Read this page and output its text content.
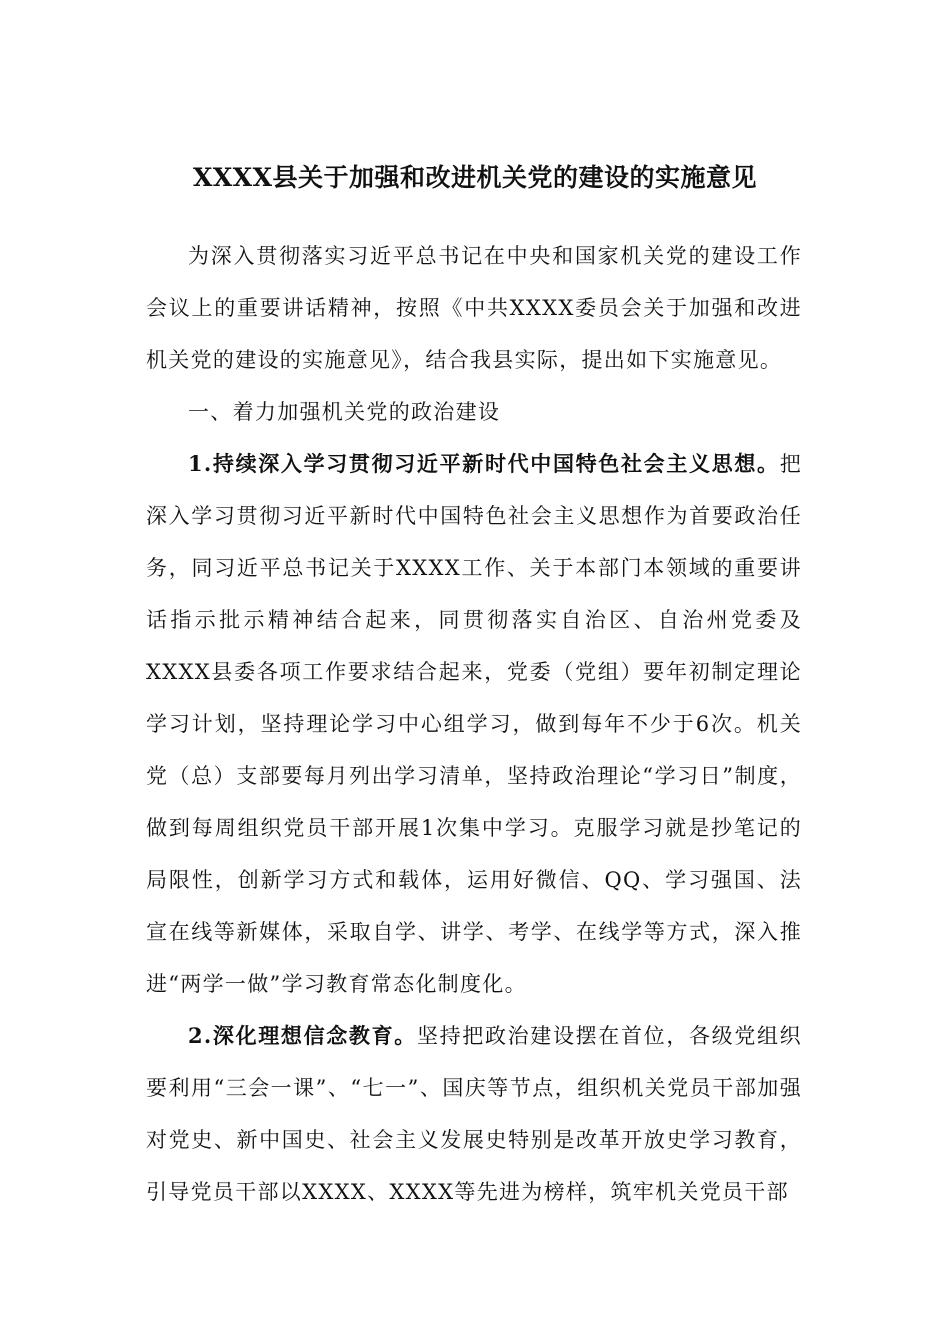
XXXX县关于加强和改进机关党的建设的实施意见

为深入贯彻落实习近平总书记在中央和国家机关党的建设工作会议上的重要讲话精神，按照《中共XXXX委员会关于加强和改进机关党的建设的实施意见》，结合我县实际，提出如下实施意见。

一、着力加强机关党的政治建设

1.持续深入学习贯彻习近平新时代中国特色社会主义思想。把深入学习贯彻习近平新时代中国特色社会主义思想作为首要政治任务，同习近平总书记关于XXXX工作、关于本部门本领域的重要讲话指示批示精神结合起来，同贯彻落实自治区、自治州党委及XXXX县委各项工作要求结合起来，党委（党组）要年初制定理论学习计划，坚持理论学习中心组学习，做到每年不少于6次。机关党（总）支部要每月列出学习清单，坚持政治理论“学习日”制度，做到每周组织党员干部开展1次集中学习。克服学习就是抄笔记的局限性，创新学习方式和载体，运用好微信、QQ、学习强国、法宣在线等新媒体，采取自学、讲学、考学、在线学等方式，深入推进“两学一做”学习教育常态化制度化。

2.深化理想信念教育。坚持把政治建设摆在首位，各级党组织要利用“三会一课”、“七一”、国庆等节点，组织机关党员干部加强对党史、新中国史、社会主义发展史特别是改革开放史学习教育，引导党员干部以XXXX、XXXX等先进为榜样，筑牢机关党员干部
